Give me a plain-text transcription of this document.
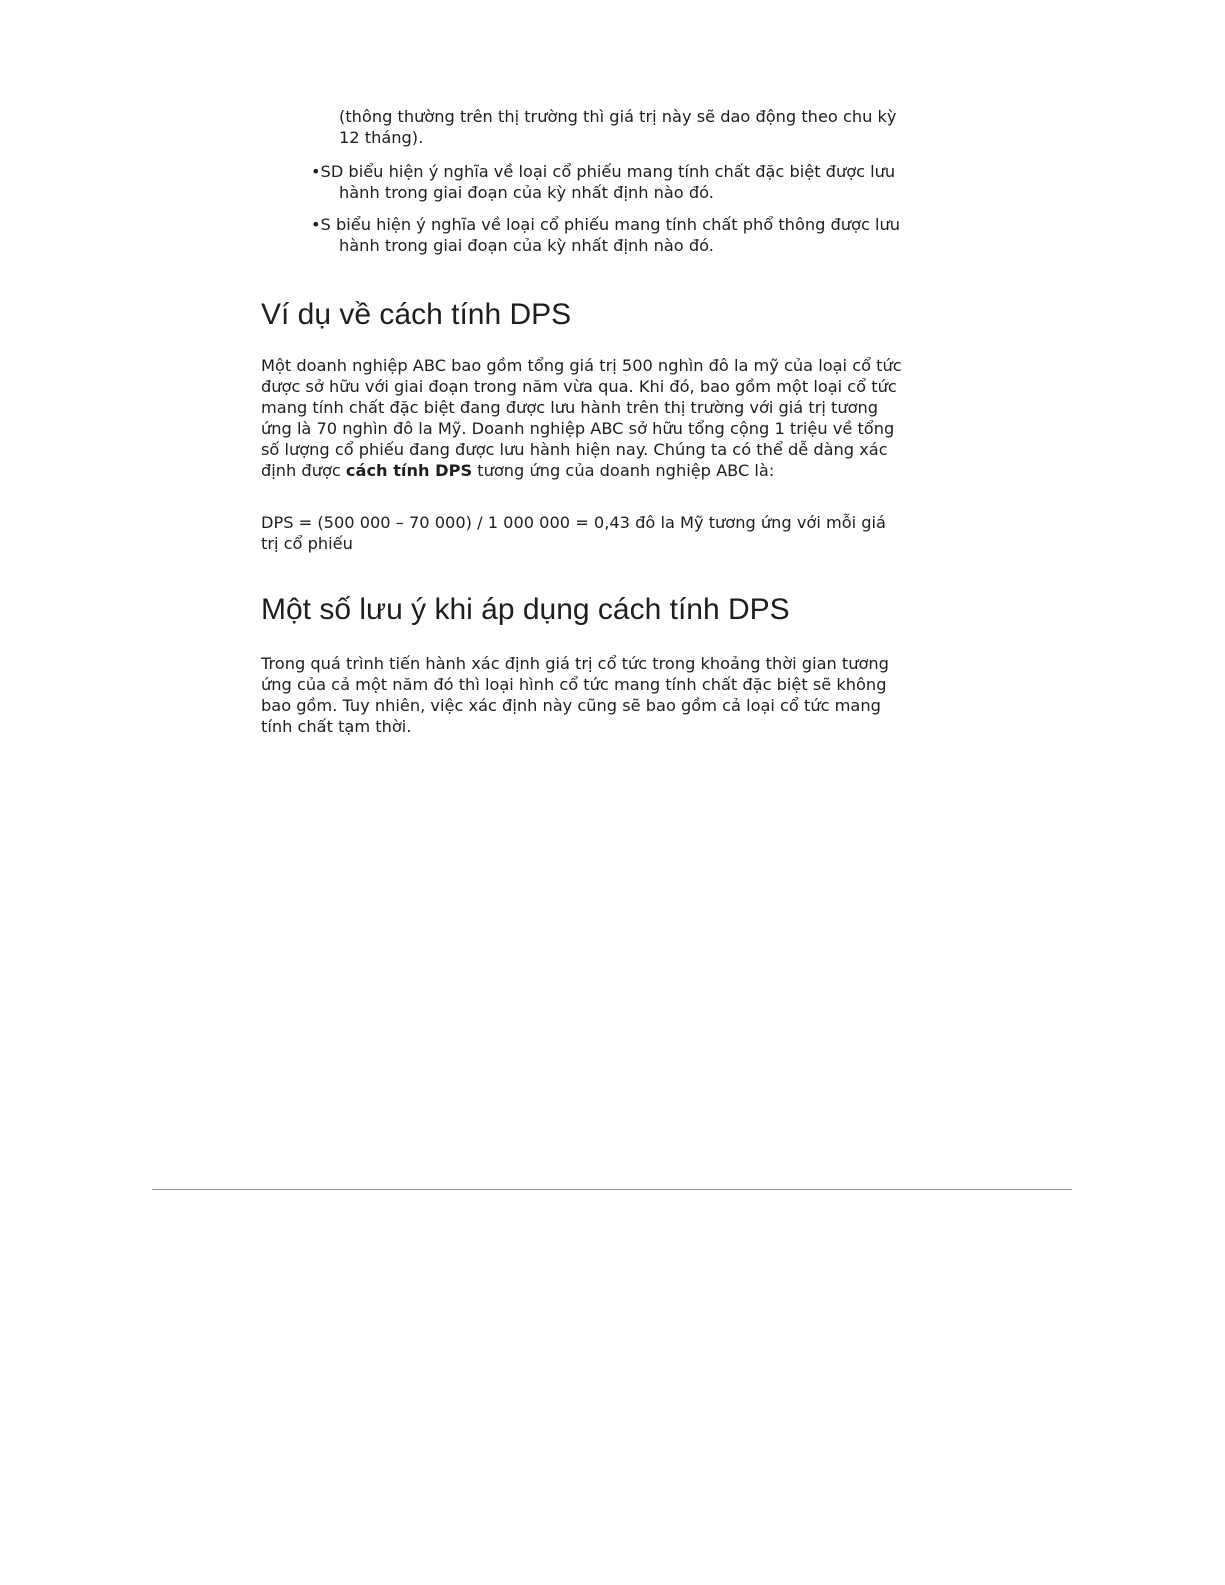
(thông thường trên thị trường thì giá trị này sẽ dao động theo chu kỳ
12 tháng).
•SD biểu hiện ý nghĩa về loại cổ phiếu mang tính chất đặc biệt được lưu
hành trong giai đoạn của kỳ nhất định nào đó.
•S biểu hiện ý nghĩa về loại cổ phiếu mang tính chất phổ thông được lưu
hành trong giai đoạn của kỳ nhất định nào đó.
Ví dụ về cách tính DPS
Một doanh nghiệp ABC bao gồm tổng giá trị 500 nghìn đô la mỹ của loại cổ tức
được sở hữu với giai đoạn trong năm vừa qua. Khi đó, bao gồm một loại cổ tức
mang tính chất đặc biệt đang được lưu hành trên thị trường với giá trị tương
ứng là 70 nghìn đô la Mỹ. Doanh nghiệp ABC sở hữu tổng cộng 1 triệu về tổng
số lượng cổ phiếu đang được lưu hành hiện nay. Chúng ta có thể dễ dàng xác
định được cách tính DPS tương ứng của doanh nghiệp ABC là:
DPS = (500 000 – 70 000) / 1 000 000 = 0,43 đô la Mỹ tương ứng với mỗi giá
trị cổ phiếu
Một số lưu ý khi áp dụng cách tính DPS
Trong quá trình tiến hành xác định giá trị cổ tức trong khoảng thời gian tương
ứng của cả một năm đó thì loại hình cổ tức mang tính chất đặc biệt sẽ không
bao gồm. Tuy nhiên, việc xác định này cũng sẽ bao gồm cả loại cổ tức mang
tính chất tạm thời.
